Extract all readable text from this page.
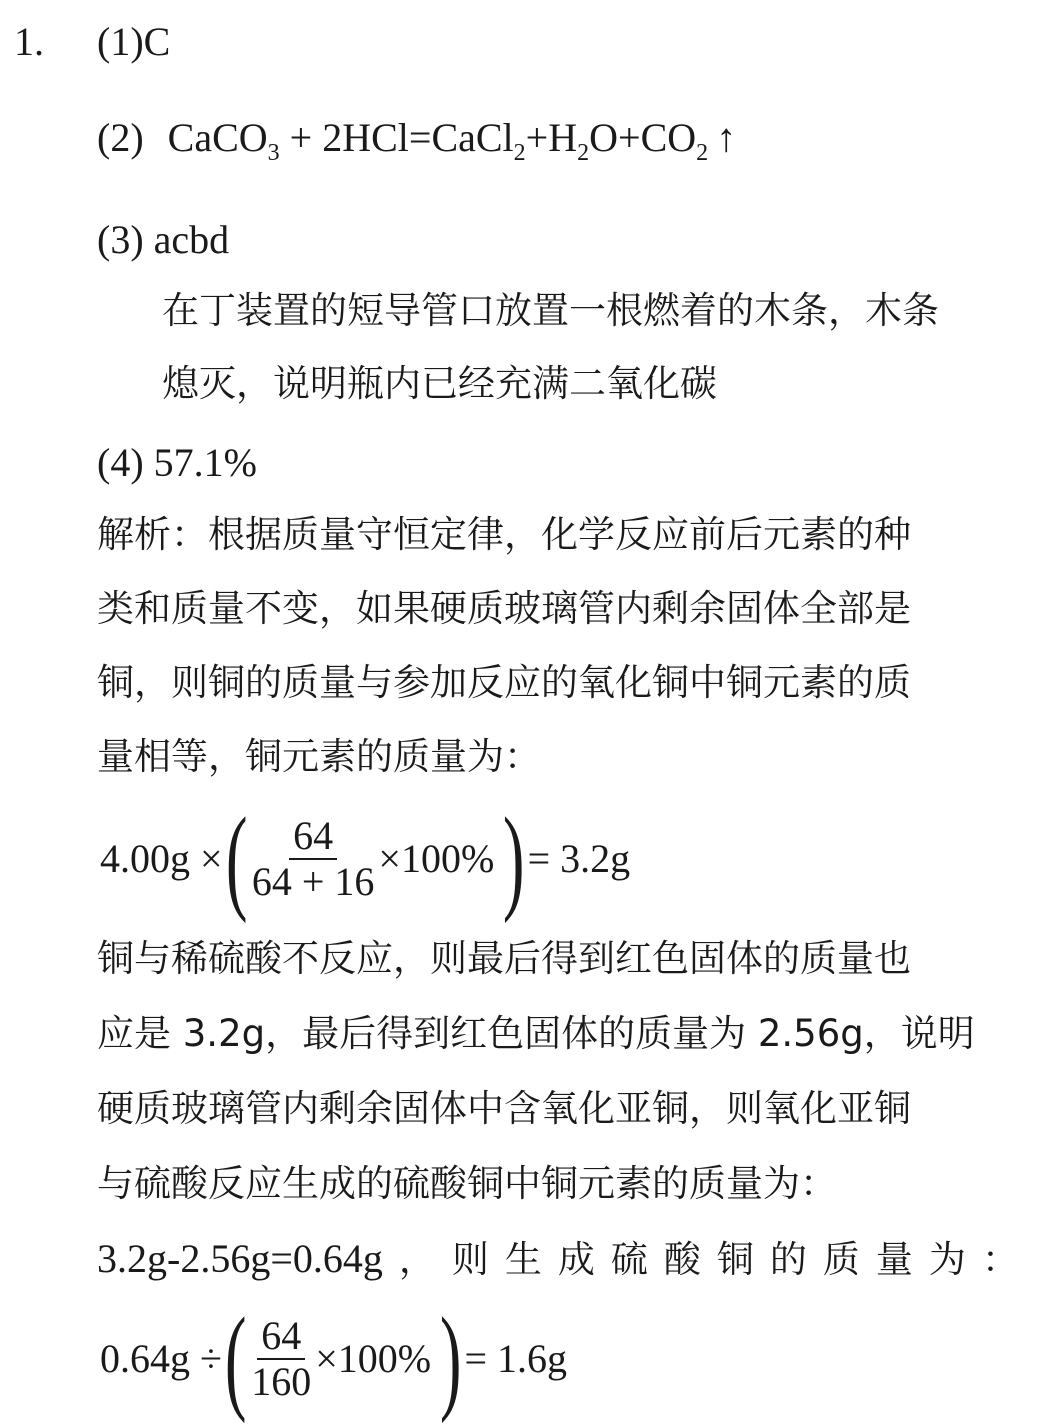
1. (1)C
(2) CaCO$_3$ + $2HCl=CaCl_2+H_2O+CO_2$ ↑
(3) acbd
在丁装置的短导管口放置一根燃着的木条，木条
熄灭，说明瓶内已经充满二氧化碳
(4) 57.1%
解析：根据质量守恒定律，化学反应前后元素的种
类和质量不变，如果硬质玻璃管内剩余固体全部是
铜，则铜的质量与参加反应的氧化铜中铜元素的质
量相等，铜元素的质量为：
4.00g × ( $\frac{64}{64 + 16} \times 100\%$ ) = 3.2g
铜与稀硫酸不反应，则最后得到红色固体的质量也
应是 3.2g，最后得到红色固体的质量为 2.56g，说明
硬质玻璃管内剩余固体中含氧化亚铜，则氧化亚铜
与硫酸反应生成的硫酸铜中铜元素的质量为：
3.2g-2.56g=0.64g ， 则 生 成 硫 酸 铜 的 质 量 为 ：
0.64g ÷ ( $\frac{64}{160} \times 100\%$ ) = 1.6g
